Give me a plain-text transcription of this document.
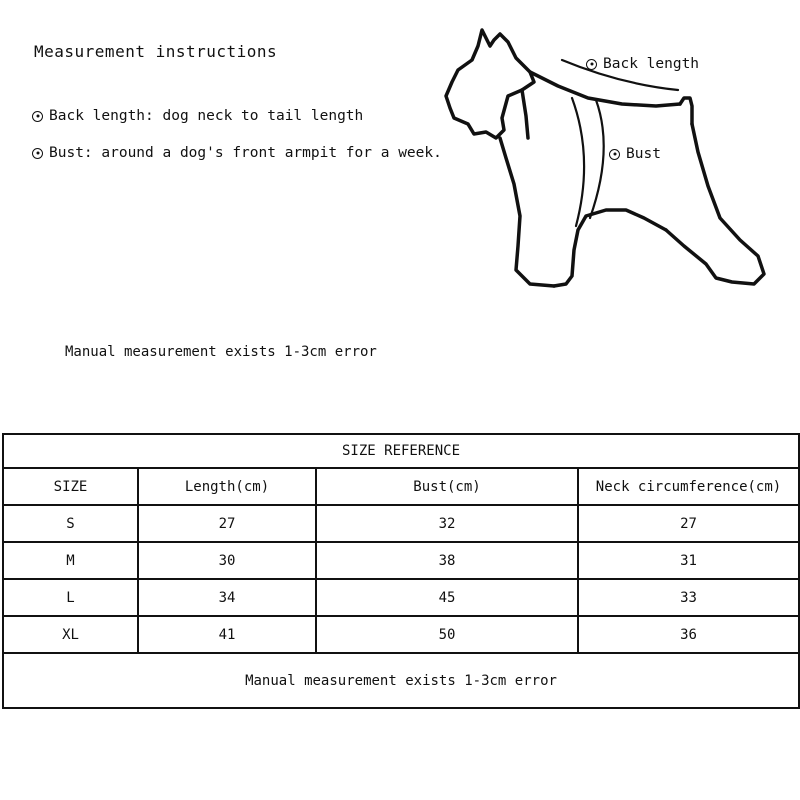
Measurement instructions
Back length: dog neck to tail length
Bust: around a dog's front armpit for a week.
Back length
Bust
Manual measurement exists 1-3cm error
SIZE REFERENCE			
SIZE	Length(cm)	Bust(cm)	Neck circumference(cm)
S	27	32	27
M	30	38	31
L	34	45	33
XL	41	50	36
Manual measurement exists 1-3cm error			
